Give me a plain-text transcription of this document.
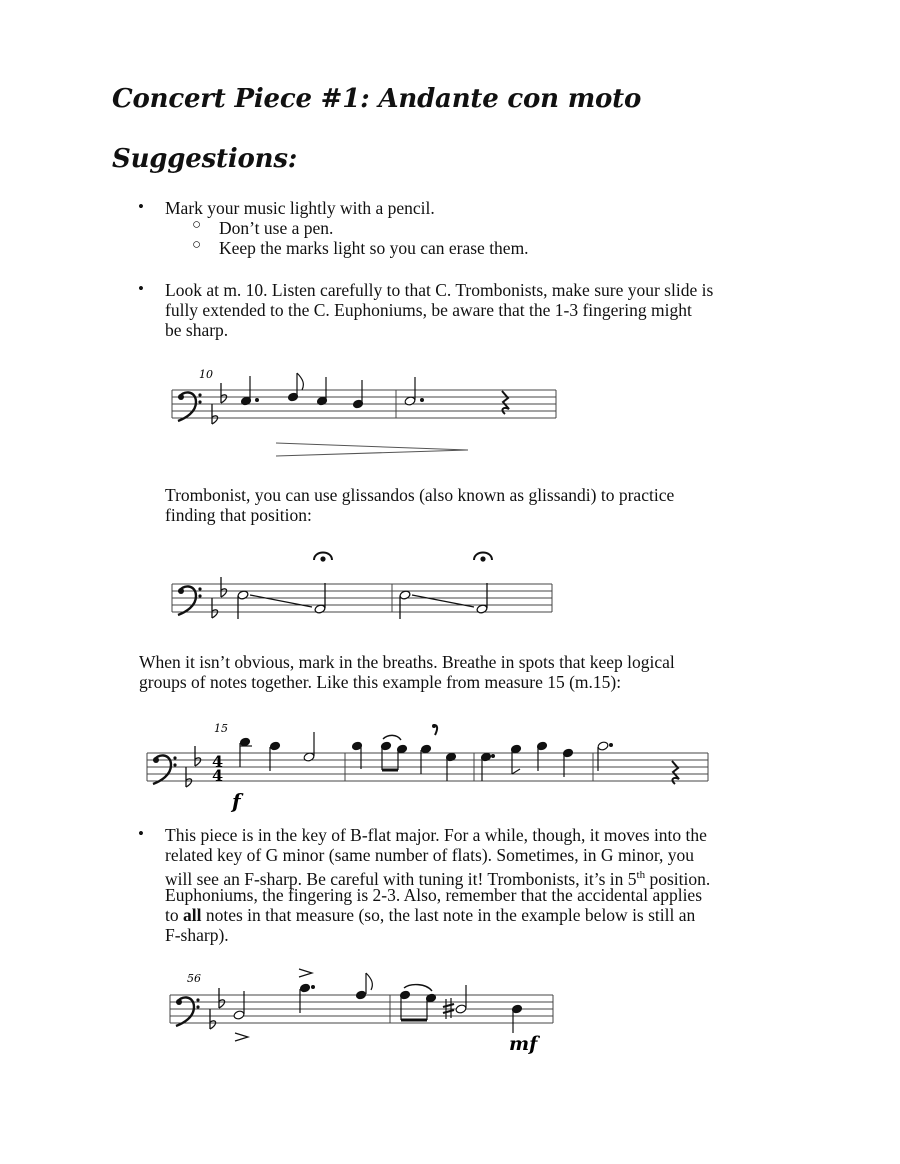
Concert Piece #1: Andante con moto
Suggestions:
• Mark your music lightly with a pencil.

○ Don’t use a pen.

○ Keep the marks light so you can erase them.

• Look at m. 10. Listen carefully to that C. Trombonists, make sure your slide is

fully extended to the C. Euphoniums, be aware that the 1-3 fingering might

be sharp.

10

Trombonist, you can use glissandos (also known as glissandi) to practice

finding that position:

When it isn’t obvious, mark in the breaths. Breathe in spots that keep logical

groups of notes together. Like this example from measure 15 (m.15):

15
4
4
f
• This piece is in the key of B-flat major. For a while, though, it moves into the

related key of G minor (same number of flats). Sometimes, in G minor, you

will see an F-sharp. Be careful with tuning it! Trombonists, it’s in 5th position.

Euphoniums, the fingering is 2-3. Also, remember that the accidental applies

to all notes in that measure (so, the last note in the example below is still an

F-sharp).

56
mf
